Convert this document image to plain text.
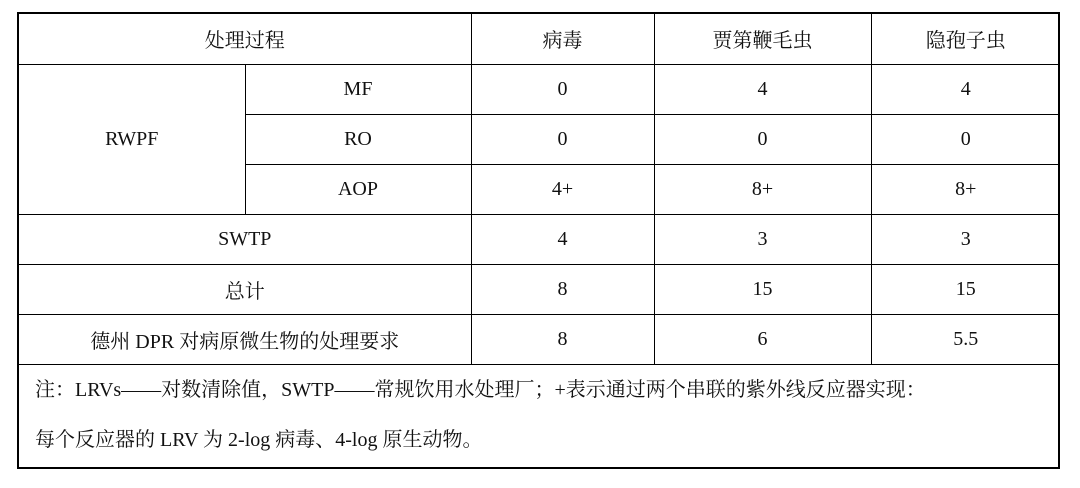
处理过程		病毒	贾第鞭毛虫	隐孢子虫
RWPF	MF	0	4	4
	RO	0	0	0
	AOP	4+	8+	8+
SWTP		4	3	3
总计		8	15	15
德州 DPR 对病原微生物的处理要求		8	6	5.5

注：LRVs——对数清除值，SWTP——常规饮用水处理厂；+表示通过两个串联的紫外线反应器实现：
每个反应器的 LRV 为 2-log 病毒、4-log 原生动物。				
